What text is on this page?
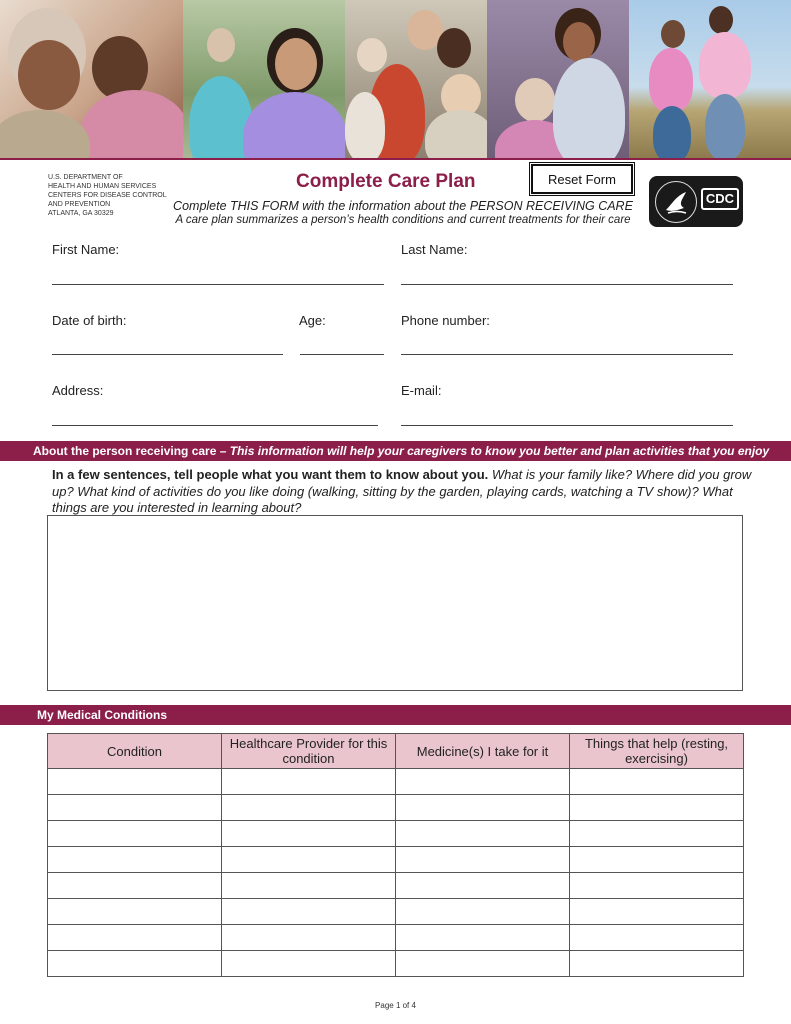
U.S. DEPARTMENT OF
HEALTH AND HUMAN SERVICES
CENTERS FOR DISEASE CONTROL
AND PREVENTION
ATLANTA, GA 30329
Complete Care Plan
Complete THIS FORM with the information about the PERSON RECEIVING CARE
A care plan summarizes a person’s health conditions and current treatments for their care
Reset Form
CDC
First Name:	Last Name:
Date of birth:	Age:	Phone number:
Address:	E-mail:
About the person receiving care – This information will help your caregivers to know you better and plan activities that you enjoy
In a few sentences, tell people what you want them to know about you. What is your family like? Where did you grow up? What kind of activities do you like doing (walking, sitting by the garden, playing cards, watching a TV show)? What things are you interested in learning about?
My Medical Conditions
Condition	Healthcare Provider for this condition	Medicine(s) I take for it	Things that help (resting, exercising)

Page 1 of 4
